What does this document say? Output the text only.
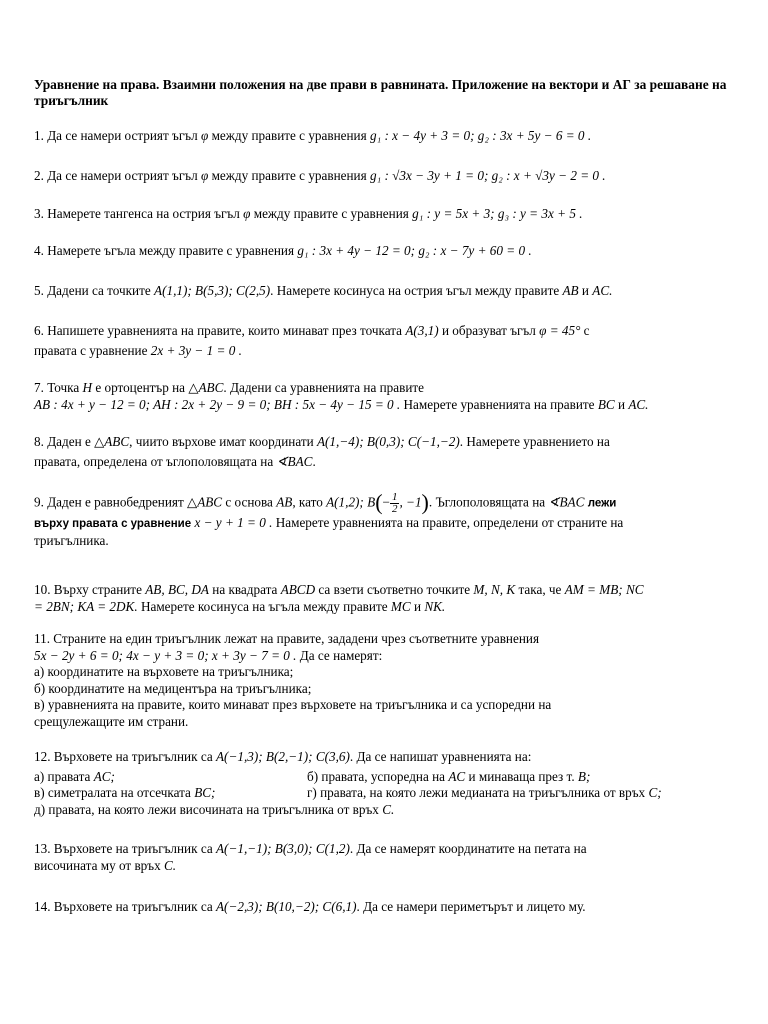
Уравнение на права. Взаимни положения на две прави в равнината. Приложение на вектори и АГ за решаване на триъгълник
1. Да се намери острият ъгъл φ между правите с уравнения g₁ : x − 4y + 3 = 0; g₂ : 3x + 5y − 6 = 0 .
2. Да се намери острият ъгъл φ между правите с уравнения g₁ : √3x − 3y + 1 = 0; g₂ : x + √3y − 2 = 0 .
3. Намерете тангенса на острия ъгъл φ между правите с уравнения g₁ : y = 5x + 3; g₃ : y = 3x + 5 .
4. Намерете ъгъла между правите с уравнения g₁ : 3x + 4y − 12 = 0; g₂ : x − 7y + 60 = 0 .
5. Дадени са точките A(1,1); B(5,3); C(2,5). Намерете косинуса на острия ъгъл между правите AB и AC.
6. Напишете уравненията на правите, които минават през точката A(3,1) и образуват ъгъл φ = 45° с
правата с уравнение 2x + 3y − 1 = 0 .
7. Точка H е ортоцентър на △ABC. Дадени са уравненията на правите
AB : 4x + y − 12 = 0; AH : 2x + 2y − 9 = 0; BH : 5x − 4y − 15 = 0 . Намерете уравненията на правите BC и AC.
8. Даден е △ABC, чиито върхове имат координати A(1,−4); B(0,3); C(−1,−2). Намерете уравнението на
правата, определена от ъглополовящата на ∢BAC.
9. Даден е равнобедреният △ABC с основа AB, като A(1,2); $B(- \frac{1}{2}$ , −1). Ъглополовящата на ∢BAC лежи
върху правата с уравнение x − y + 1 = 0 . Намерете уравненията на правите, определени от страните на
триъгълника.
10. Върху страните AB, BC, DA на квадрата ABCD са взети съответно точките M, N, K така, че AM = MB; NC
= 2BN; KA = 2DK. Намерете косинуса на ъгъла между правите MC и NK.
11. Страните на един триъгълник лежат на правите, зададени чрез съответните уравнения
5x − 2y + 6 = 0; 4x − y + 3 = 0; x + 3y − 7 = 0 . Да се намерят:
а) координатите на върховете на триъгълника;
б) координатите на медицентъра на триъгълника;
в) уравненията на правите, които минават през върховете на триъгълника и са успоредни на
срещулежащите им страни.
12. Върховете на триъгълник са A(−1,3); B(2,−1); C(3,6). Да се напишат уравненията на:
а) правата AC;	б) правата, успоредна на AC и минаваща през т. B;
в) симетралата на отсечката BC;	г) правата, на която лежи медианата на триъгълника от връх C;
д) правата, на която лежи височината на триъгълника от връх C.
13. Върховете на триъгълник са A(−1,−1); B(3,0); C(1,2). Да се намерят координатите на петата на
височината му от връх C.
14. Върховете на триъгълник са A(−2,3); B(10,−2); C(6,1). Да се намери периметърът и лицето му.
